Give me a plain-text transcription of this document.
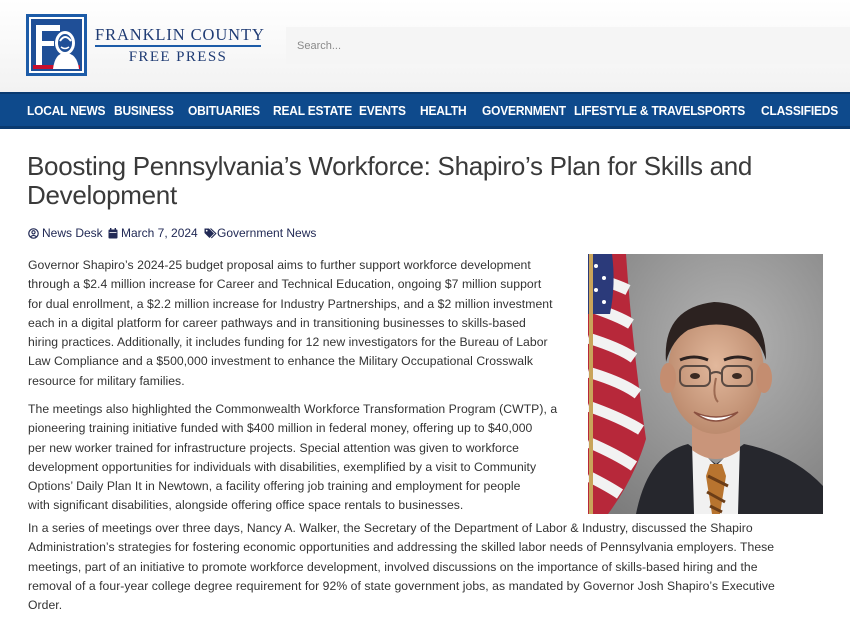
FRANKLIN COUNTY
FREE PRESS
Search...
LOCAL NEWS BUSINESS OBITUARIES REAL ESTATE EVENTS HEALTH GOVERNMENT LIFESTYLE & TRAVEL SPORTS CLASSIFIEDS
Boosting Pennsylvania’s Workforce: Shapiro’s Plan for Skills and
Development
News Desk	March 7, 2024	Government News
Governor Shapiro’s 2024-25 budget proposal aims to further support workforce development
through a $2.4 million increase for Career and Technical Education, ongoing $7 million support
for dual enrollment, a $2.2 million increase for Industry Partnerships, and a $2 million investment
each in a digital platform for career pathways and in transitioning businesses to skills-based
hiring practices. Additionally, it includes funding for 12 new investigators for the Bureau of Labor
Law Compliance and a $500,000 investment to enhance the Military Occupational Crosswalk
resource for military families.
The meetings also highlighted the Commonwealth Workforce Transformation Program (CWTP), a
pioneering training initiative funded with $400 million in federal money, offering up to $40,000
per new worker trained for infrastructure projects. Special attention was given to workforce
development opportunities for individuals with disabilities, exemplified by a visit to Community
Options’ Daily Plan It in Newtown, a facility offering job training and employment for people
with significant disabilities, alongside offering office space rentals to businesses.
In a series of meetings over three days, Nancy A. Walker, the Secretary of the Department of Labor & Industry, discussed the Shapiro
Administration’s strategies for fostering economic opportunities and addressing the skilled labor needs of Pennsylvania employers. These
meetings, part of an initiative to promote workforce development, involved discussions on the importance of skills-based hiring and the
removal of a four-year college degree requirement for 92% of state government jobs, as mandated by Governor Josh Shapiro’s Executive
Order.
